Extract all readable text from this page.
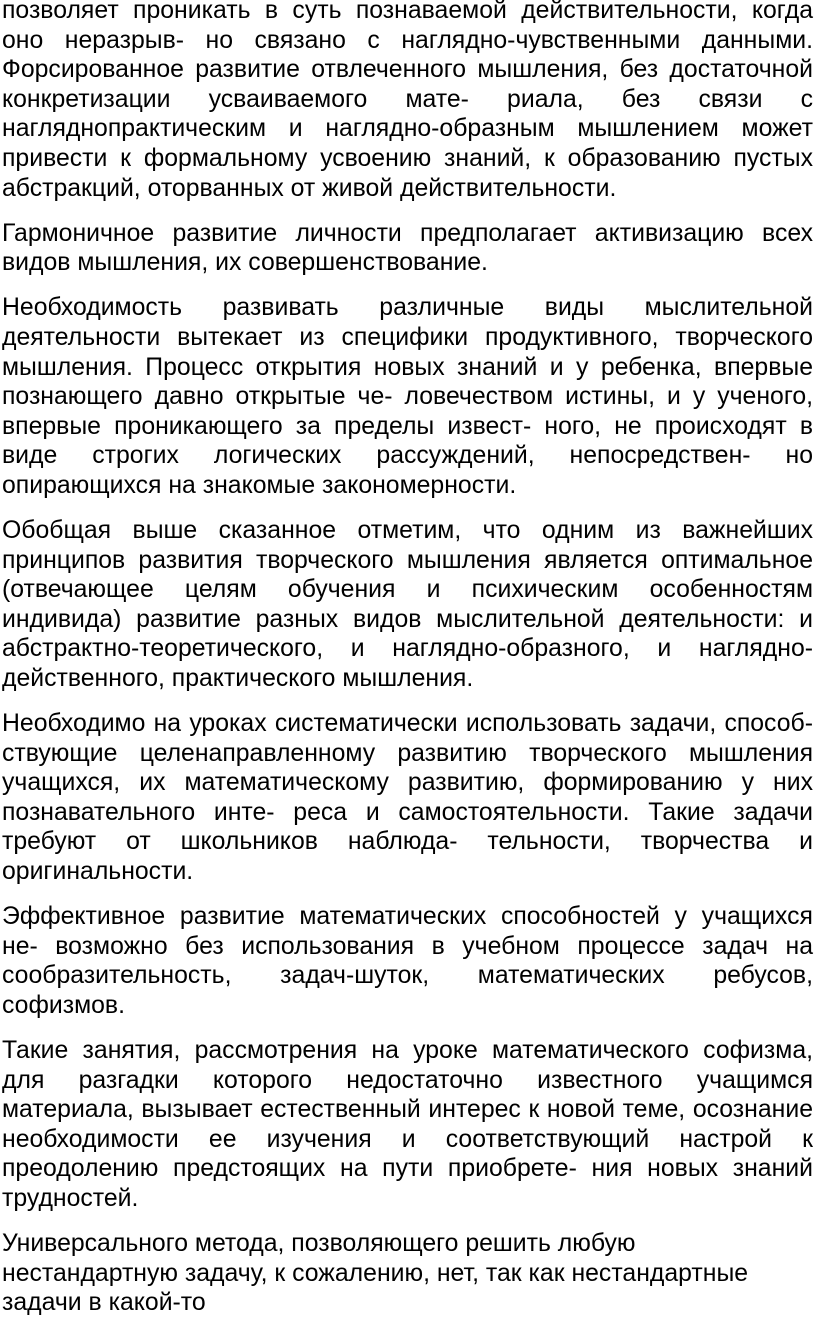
позволяет проникать в суть познаваемой действительности, когда оно неразрыв- но связано с наглядно-чувственными данными. Форсированное развитие отвлеченного мышления, без достаточной конкретизации усваиваемого мате- риала, без связи с нагляднопрактическим и наглядно-образным мышлением может привести к формальному усвоению знаний, к образованию пустых абстракций, оторванных от живой действительности.

Гармоничное развитие личности предполагает активизацию всех видов мышления, их совершенствование.

Необходимость развивать различные виды мыслительной деятельности вытекает из специфики продуктивного, творческого мышления. Процесс открытия новых знаний и у ребенка, впервые познающего давно открытые че- ловечеством истины, и у ученого, впервые проникающего за пределы извест- ного, не происходят в виде строгих логических рассуждений, непосредствен- но опирающихся на знакомые закономерности.

Обобщая выше сказанное отметим, что одним из важнейших принципов развития творческого мышления является оптимальное (отвечающее целям обучения и психическим особенностям индивида) развитие разных видов мыслительной деятельности: и абстрактно-теоретического, и наглядно-образного, и наглядно-действенного, практического мышления.

Необходимо на уроках систематически использовать задачи, способ- ствующие целенаправленному развитию творческого мышления учащихся, их математическому развитию, формированию у них познавательного инте- реса и самостоятельности. Такие задачи требуют от школьников наблюда- тельности, творчества и оригинальности.

Эффективное развитие математических способностей у учащихся не- возможно без использования в учебном процессе задач на сообразительность, задач-шуток, математических ребусов, софизмов.

Такие занятия, рассмотрения на уроке математического софизма, для разгадки которого недостаточно известного учащимся материала, вызывает естественный интерес к новой теме, осознание необходимости ее изучения и соответствующий настрой к преодолению предстоящих на пути приобрете- ния новых знаний трудностей.

Универсального метода, позволяющего решить любую нестандартную задачу, к сожалению, нет, так как нестандартные задачи в какой-то
